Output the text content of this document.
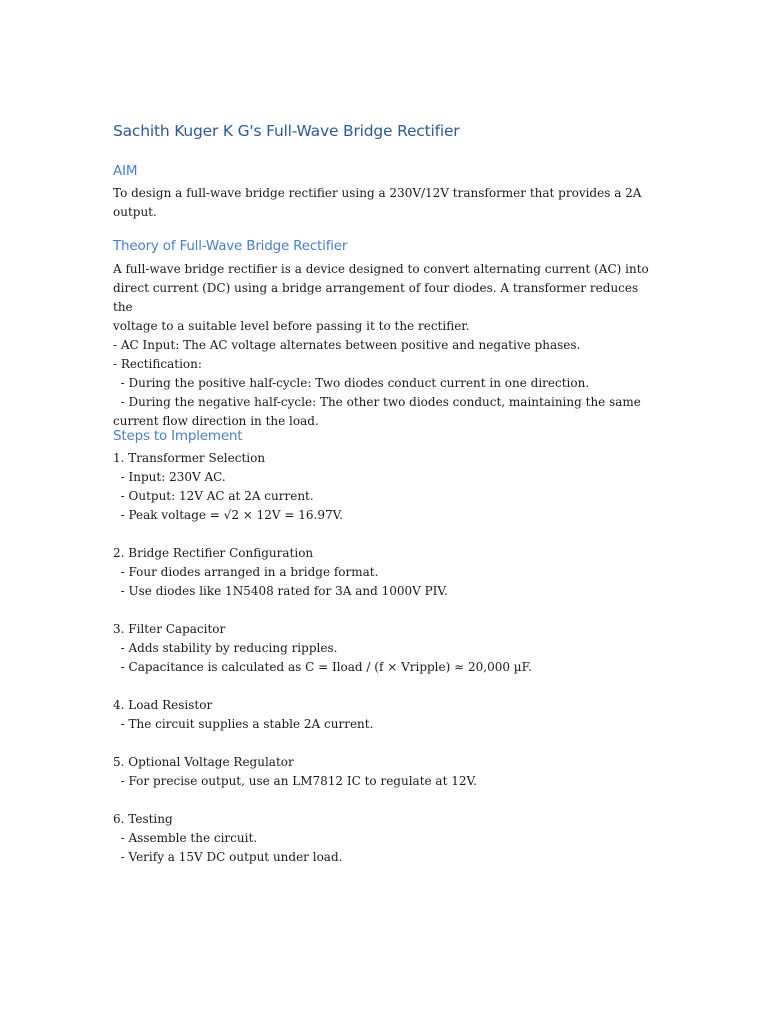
Sachith Kuger K G's Full-Wave Bridge Rectifier
AIM

To design a full-wave bridge rectifier using a 230V/12V transformer that provides a 2A
output.

Theory of Full-Wave Bridge Rectifier

A full-wave bridge rectifier is a device designed to convert alternating current (AC) into
direct current (DC) using a bridge arrangement of four diodes. A transformer reduces the
voltage to a suitable level before passing it to the rectifier.
- AC Input: The AC voltage alternates between positive and negative phases.
- Rectification:
- During the positive half-cycle: Two diodes conduct current in one direction.
- During the negative half-cycle: The other two diodes conduct, maintaining the same
current flow direction in the load.

Steps to Implement

1. Transformer Selection
- Input: 230V AC.
- Output: 12V AC at 2A current.
- Peak voltage = √2 × 12V = 16.97V.

2. Bridge Rectifier Configuration
- Four diodes arranged in a bridge format.
- Use diodes like 1N5408 rated for 3A and 1000V PIV.

3. Filter Capacitor
- Adds stability by reducing ripples.
- Capacitance is calculated as C = Iload / (f × Vripple) ≈ 20,000 µF.

4. Load Resistor
- The circuit supplies a stable 2A current.

5. Optional Voltage Regulator
- For precise output, use an LM7812 IC to regulate at 12V.

6. Testing
- Assemble the circuit.
- Verify a 15V DC output under load.
